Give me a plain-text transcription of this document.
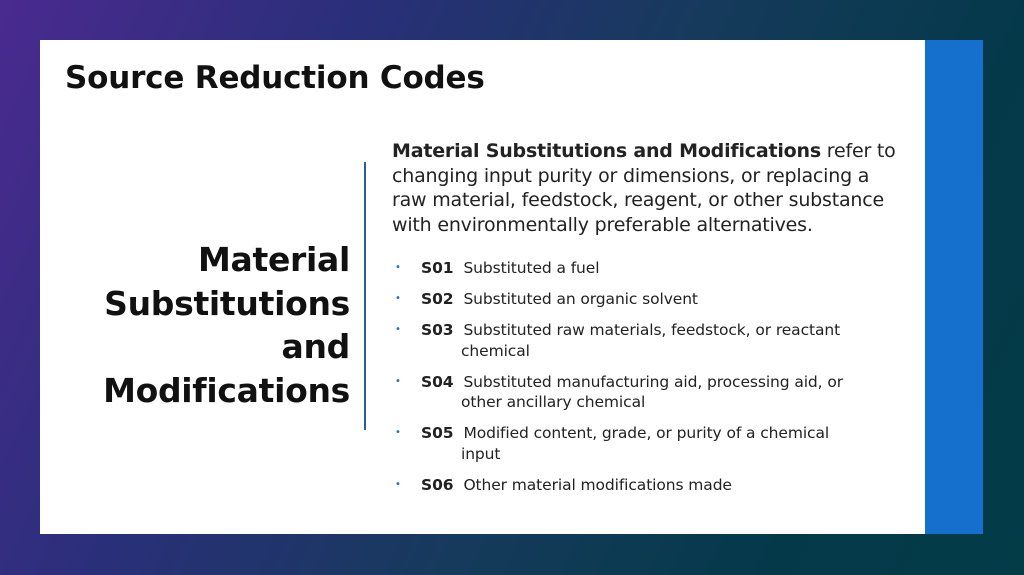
Source Reduction Codes
Material Substitutions and Modifications

Material Substitutions and Modifications refer to changing input purity or dimensions, or replacing a raw material, feedstock, reagent, or other substance with environmentally preferable alternatives.

• S01 Substituted a fuel
• S02 Substituted an organic solvent
• S03 Substituted raw materials, feedstock, or reactant
chemical
• S04 Substituted manufacturing aid, processing aid, or
other ancillary chemical
• S05 Modified content, grade, or purity of a chemical
input
• S06 Other material modifications made
